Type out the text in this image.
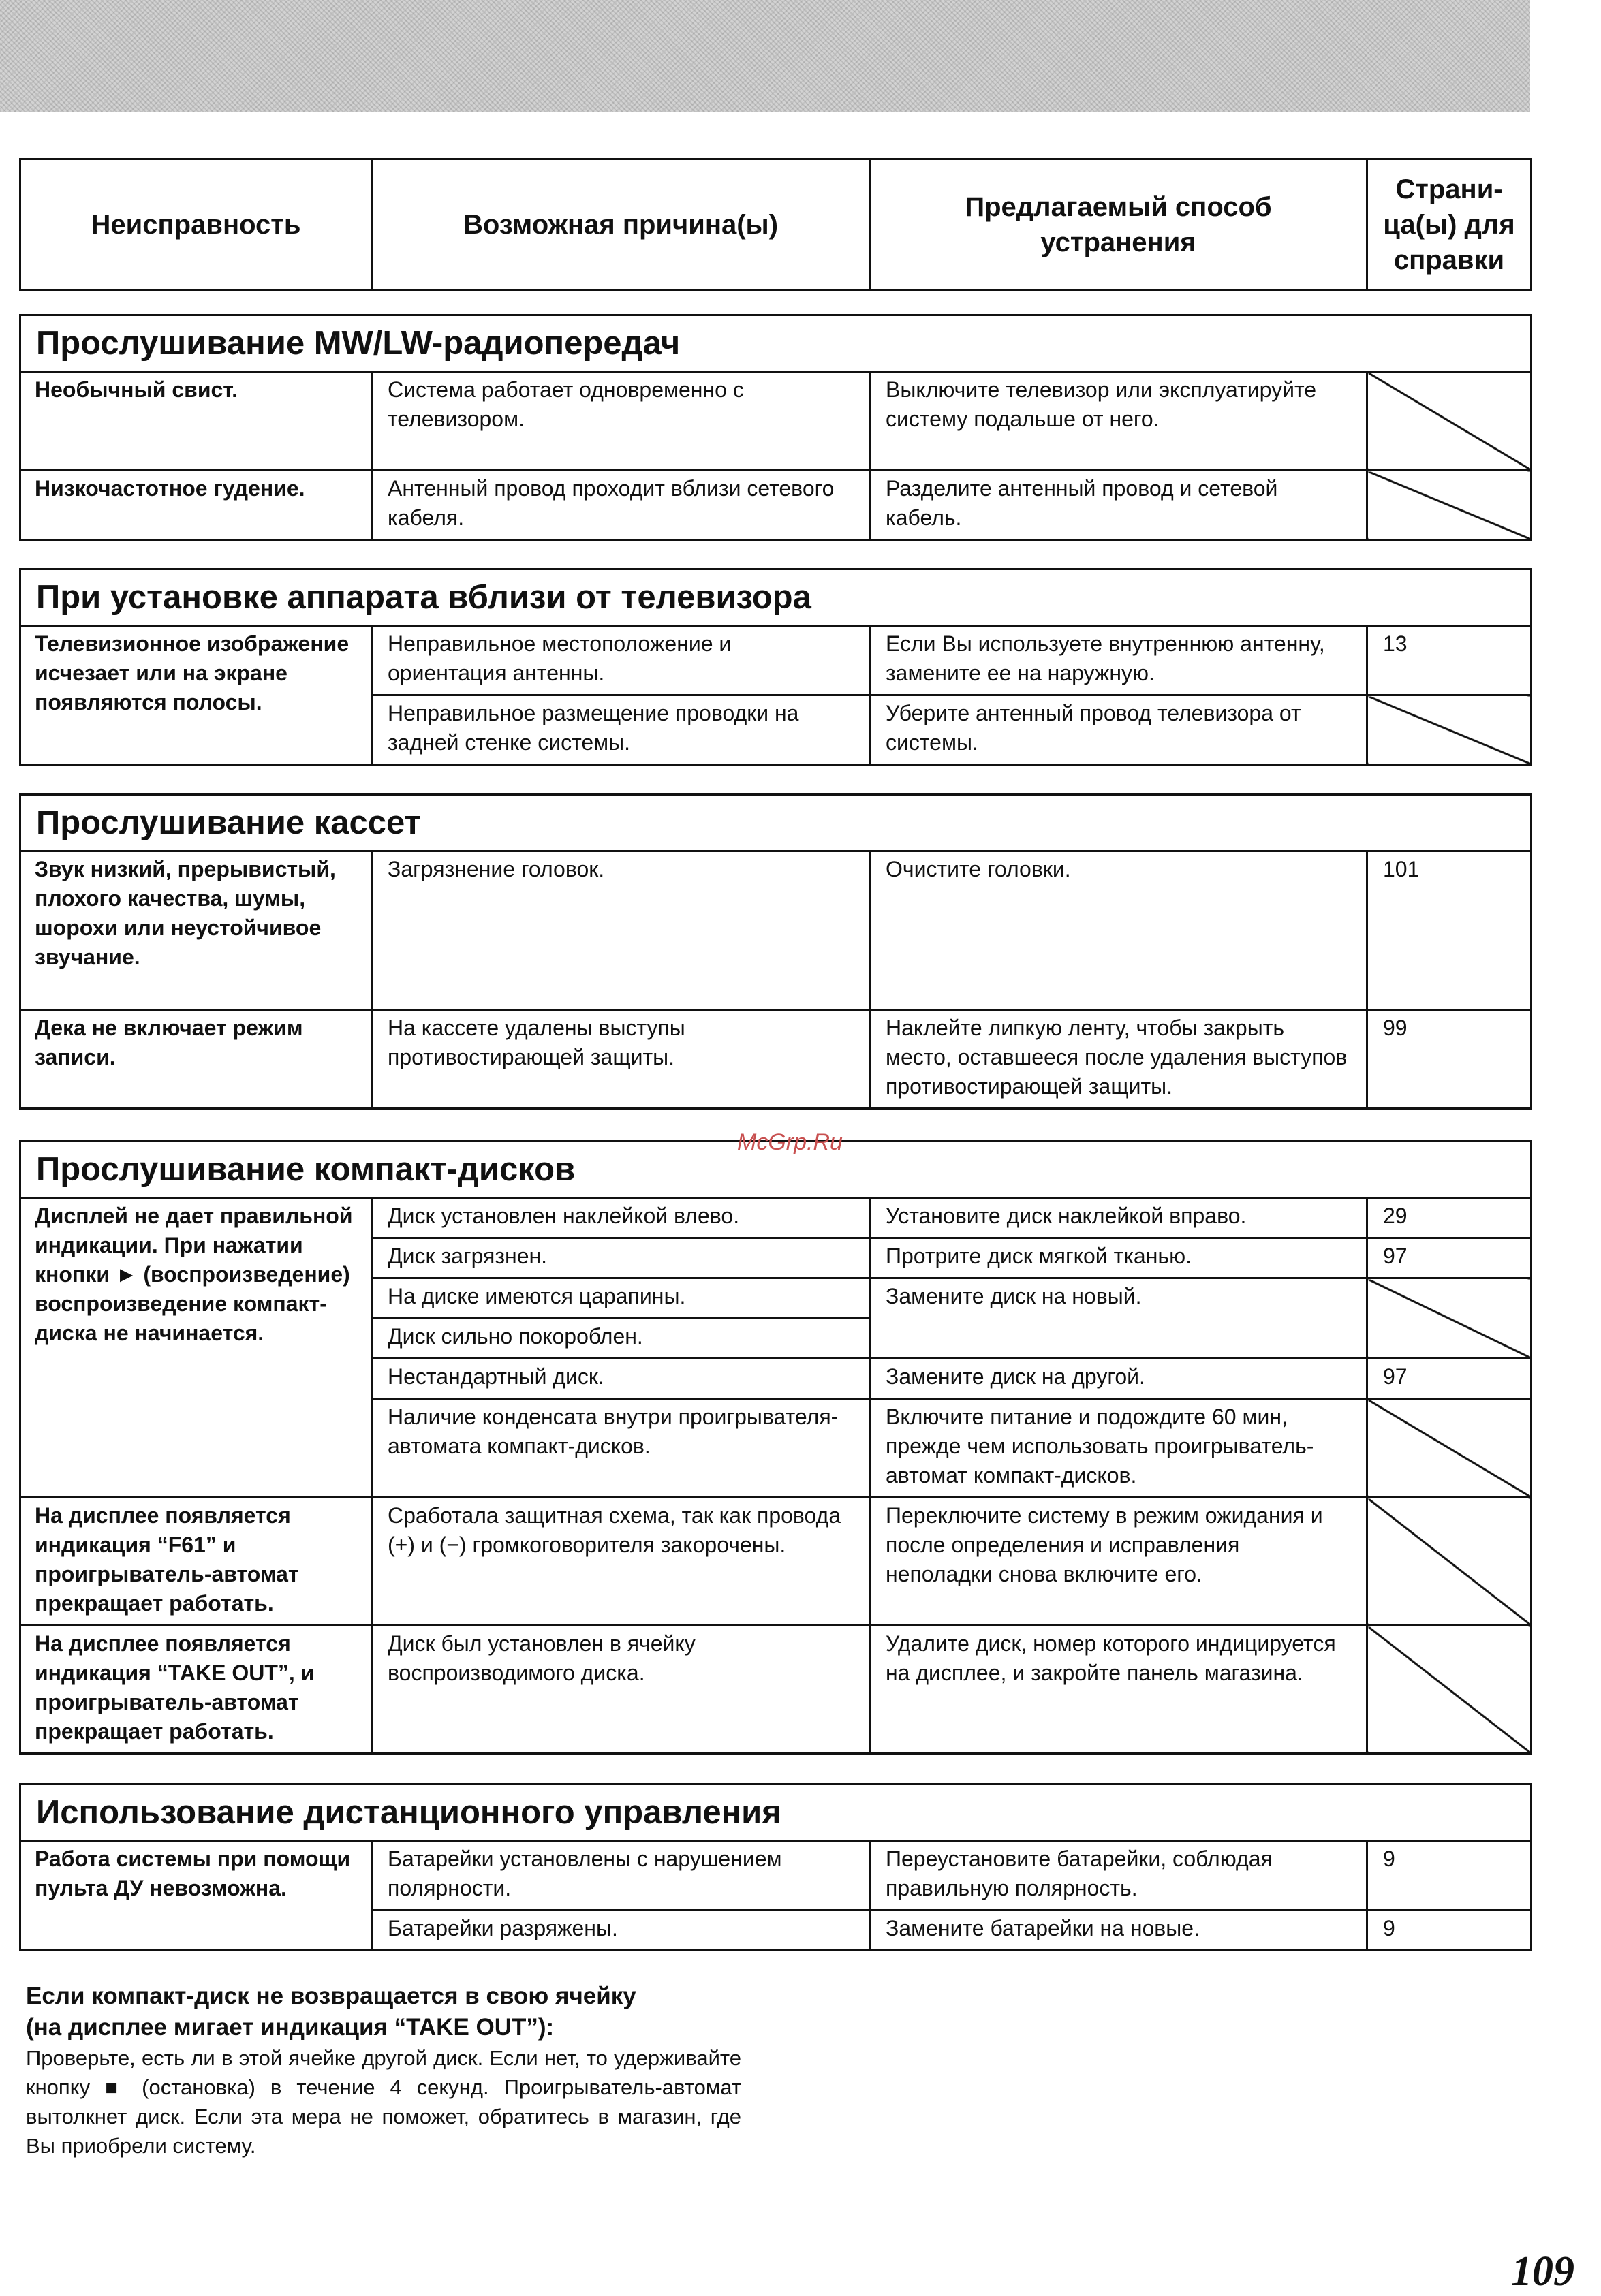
Неисправность	Возможная причина(ы)	Предлагаемый способ
устранения	Страни-
ца(ы) для
справки
Прослушивание MW/LW-радиопередач			
Необычный свист.	Система работает одновременно с телевизором.	Выключите телевизор или эксплуатируйте систему подальше от него.	
Низкочастотное гудение.	Антенный провод проходит вблизи сетевого кабеля.	Разделите антенный провод и сетевой кабель.	
При установке аппарата вблизи от телевизора			
Телевизионное изображение исчезает или на экране появляются полосы.	Неправильное местоположение и ориентация антенны.	Если Вы используете внутреннюю антенну, замените ее на наружную.	13
	Неправильное размещение проводки на задней стенке системы.	Уберите антенный провод телевизора от системы.	
Прослушивание кассет			
Звук низкий, прерывистый, плохого качества, шумы, шорохи или неустойчивое звучание.	Загрязнение головок.	Очистите головки.	101
Дека не включает режим записи.	На кассете удалены выступы противостирающей защиты.	Наклейте липкую ленту, чтобы закрыть место, оставшееся после удаления выступов противостирающей защиты.	99
Прослушивание компакт-дисков			
Дисплей не дает правильной индикации. При нажатии кнопки ► (воспроизведение) воспроизведение компакт-диска не начинается.	Диск установлен наклейкой влево.	Установите диск наклейкой вправо.	29
	Диск загрязнен.	Протрите диск мягкой тканью.	97
	На диске имеются царапины.	Замените диск на новый.	
	Диск сильно покороблен.		
	Нестандартный диск.	Замените диск на другой.	97
	Наличие конденсата внутри проигрывателя-автомата компакт-дисков.	Включите питание и подождите 60 мин, прежде чем использовать проигрыватель-автомат компакт-дисков.	
На дисплее появляется индикация “F61” и проигрыватель-автомат прекращает работать.	Сработала защитная схема, так как провода (+) и (−) громкоговорителя закорочены.	Переключите систему в режим ожидания и после определения и исправления неполадки снова включите его.	
На дисплее появляется индикация “TAKE OUT”, и проигрыватель-автомат прекращает работать.	Диск был установлен в ячейку воспроизводимого диска.	Удалите диск, номер которого индицируется на дисплее, и закройте панель магазина.	
Использование дистанционного управления			
Работа системы при помощи пульта ДУ невозможна.	Батарейки установлены с нарушением полярности.	Переустановите батарейки, соблюдая правильную полярность.	9
	Батарейки разряжены.	Замените батарейки на новые.	9
Если компакт-диск не возвращается в свою ячейку
(на дисплее мигает индикация “TAKE OUT”):
Проверьте, есть ли в этой ячейке другой диск. Если нет, то удерживайте кнопку ■ (остановка) в течение 4 секунд. Проигрыватель-автомат вытолкнет диск. Если эта мера не поможет, обратитесь в магазин, где Вы приобрели систему.
McGrp.Ru
109
